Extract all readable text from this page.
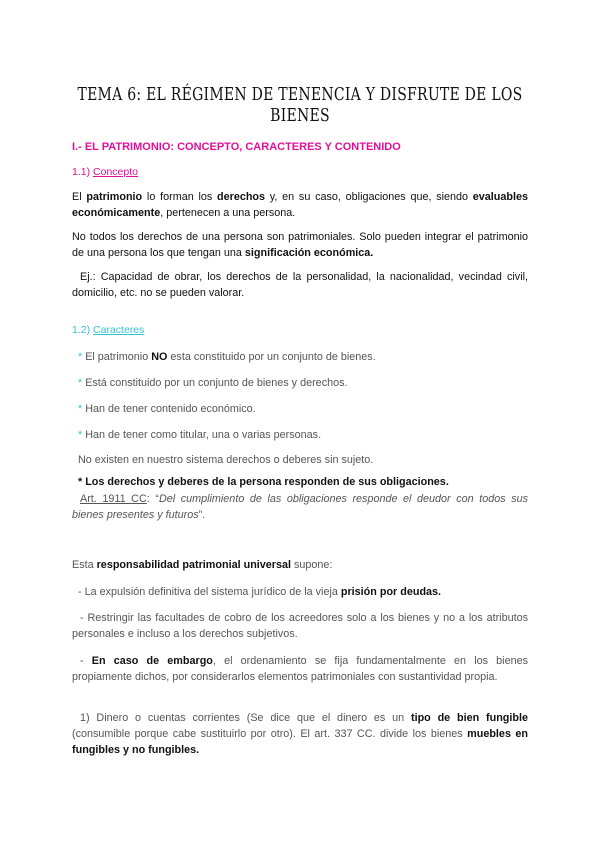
TEMA 6: EL RÉGIMEN DE TENENCIA Y DISFRUTE DE LOS BIENES
I.- EL PATRIMONIO: CONCEPTO, CARACTERES Y CONTENIDO
1.1) Concepto
El patrimonio lo forman los derechos y, en su caso, obligaciones que, siendo evaluables económicamente, pertenecen a una persona.
No todos los derechos de una persona son patrimoniales. Solo pueden integrar el patrimonio de una persona los que tengan una significación económica.
Ej.: Capacidad de obrar, los derechos de la personalidad, la nacionalidad, vecindad civil, domicilio, etc. no se pueden valorar.
1.2) Caracteres
* El patrimonio NO esta constituido por un conjunto de bienes.
* Está constituido por un conjunto de bienes y derechos.
* Han de tener contenido económico.
* Han de tener como titular, una o varias personas.
No existen en nuestro sistema derechos o deberes sin sujeto.
* Los derechos y deberes de la persona responden de sus obligaciones.
Art. 1911 CC: “Del cumplimiento de las obligaciones responde el deudor con todos sus bienes presentes y futuros”.
Esta responsabilidad patrimonial universal supone:
- La expulsión definitiva del sistema jurídico de la vieja prisión por deudas.
- Restringir las facultades de cobro de los acreedores solo a los bienes y no a los atributos personales e incluso a los derechos subjetivos.
- En caso de embargo, el ordenamiento se fija fundamentalmente en los bienes propiamente dichos, por considerarlos elementos patrimoniales con sustantividad propia.
1) Dinero o cuentas corrientes (Se dice que el dinero es un tipo de bien fungible (consumible porque cabe sustituirlo por otro). El art. 337 CC. divide los bienes muebles en fungibles y no fungibles.
